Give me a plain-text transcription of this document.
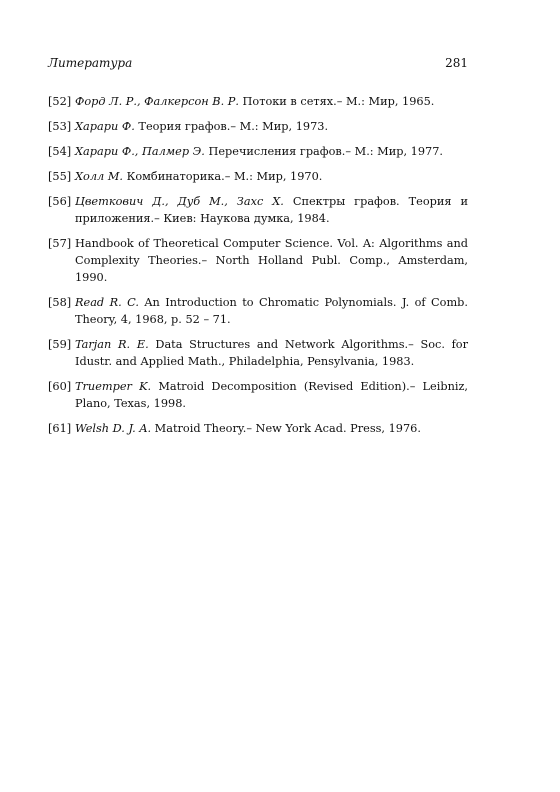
Литература	281
[52] Форд Л. Р., Фалкерсон В. Р. Потоки в сетях.– М.: Мир, 1965.
[53] Харари Ф. Теория графов.– М.: Мир, 1973.
[54] Харари Ф., Палмер Э. Перечисления графов.– М.: Мир, 1977.
[55] Холл М. Комбинаторика.– М.: Мир, 1970.
[56] Цветкович Д., Дуб М., Захс Х. Спектры графов. Теория и приложения.– Киев: Наукова думка, 1984.
[57] Handbook of Theoretical Computer Science. Vol. A: Algorithms and Complexity Theories.– North Holland Publ. Comp., Amsterdam, 1990.
[58] Read R. C. An Introduction to Chromatic Polynomials. J. of Comb. Theory, 4, 1968, p. 52 – 71.
[59] Tarjan R. E. Data Structures and Network Algorithms.– Soc. for Idustr. and Applied Math., Philadelphia, Pensylvania, 1983.
[60] Truemper K. Matroid Decomposition (Revised Edition).– Leibniz, Plano, Texas, 1998.
[61] Welsh D. J. A. Matroid Theory.– New York Acad. Press, 1976.
